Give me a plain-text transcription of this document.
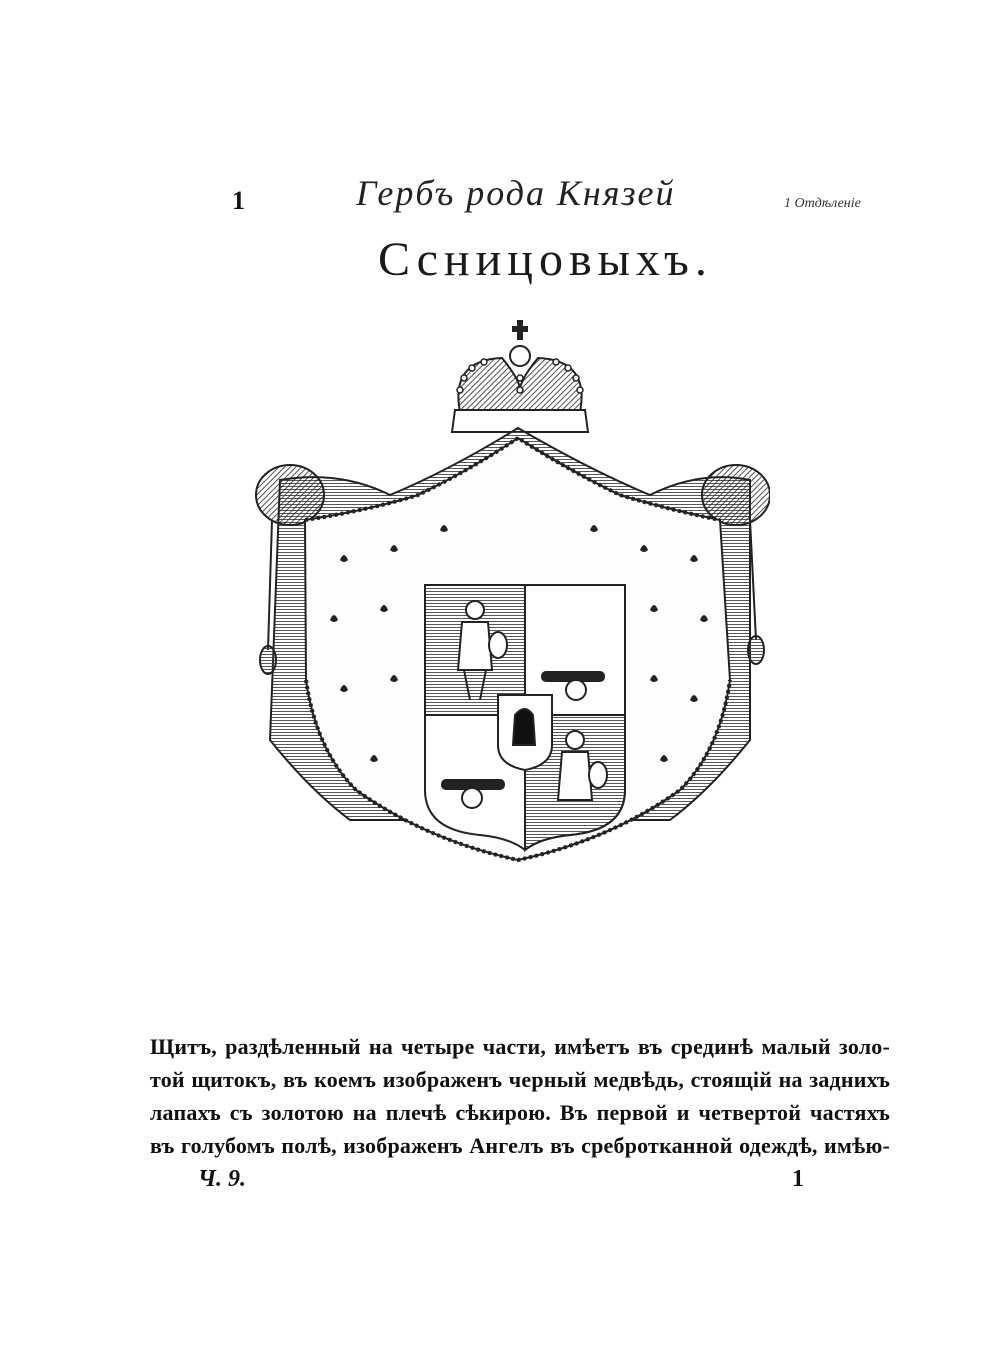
1	Гербъ рода Князей	1 Отдѣленіе
Ссницовыхъ.

Щитъ, раздѣленный на четыре части, имѣетъ въ срединѣ малый золо-

той щитокъ, въ коемъ изображенъ черный медвѣдь, стоящій на заднихъ

лапахъ съ золотою на плечѣ сѣкирою. Въ первой и четвертой частяхъ

въ голубомъ полѣ, изображенъ Ангелъ въ сребротканной одеждѣ, имѣю-

Ч. 9.	1
